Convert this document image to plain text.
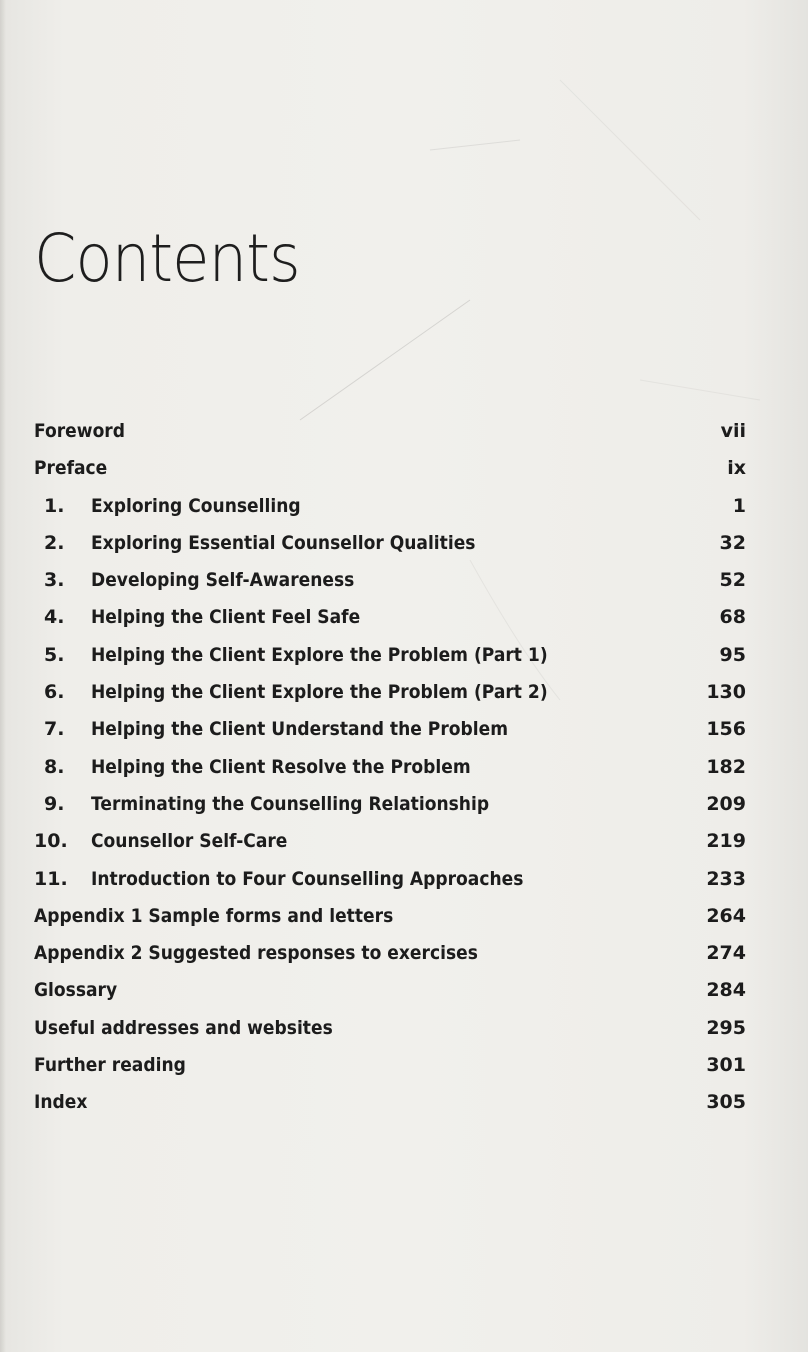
Contents
Foreword	vii
Preface	ix
1. Exploring Counselling	1
2. Exploring Essential Counsellor Qualities	32
3. Developing Self-Awareness	52
4. Helping the Client Feel Safe	68
5. Helping the Client Explore the Problem (Part 1)	95
6. Helping the Client Explore the Problem (Part 2)	130
7. Helping the Client Understand the Problem	156
8. Helping the Client Resolve the Problem	182
9. Terminating the Counselling Relationship	209
10. Counsellor Self-Care	219
11. Introduction to Four Counselling Approaches	233
Appendix 1 Sample forms and letters	264
Appendix 2 Suggested responses to exercises	274
Glossary	284
Useful addresses and websites	295
Further reading	301
Index	305
